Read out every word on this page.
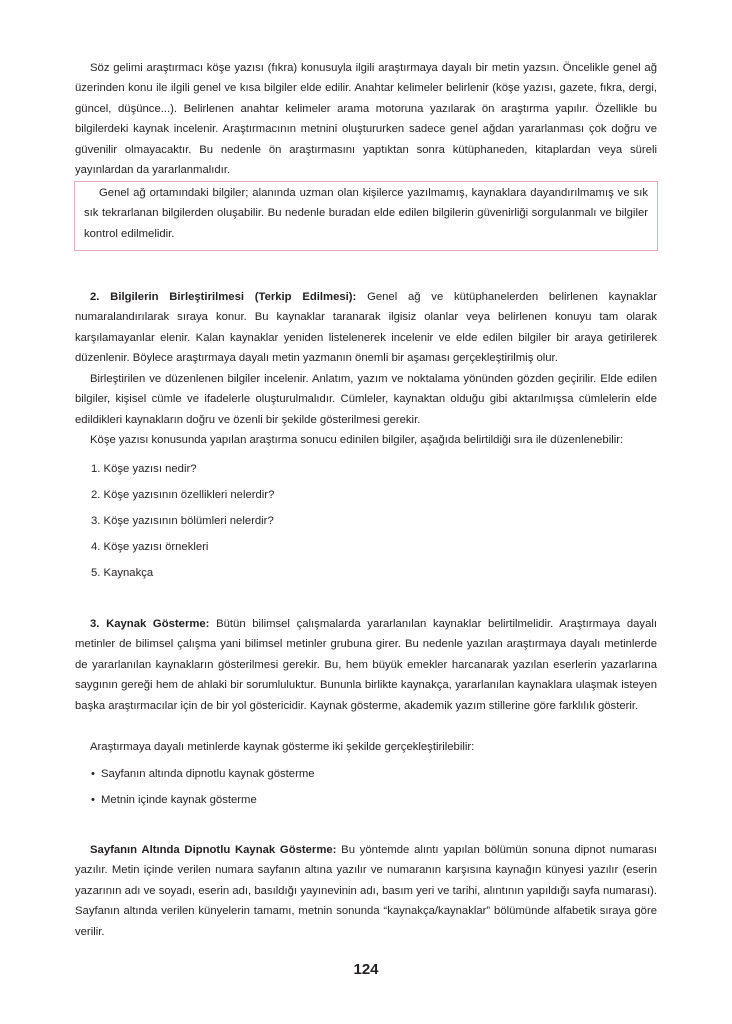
Söz gelimi araştırmacı köşe yazısı (fıkra) konusuyla ilgili araştırmaya dayalı bir metin yazsın. Öncelikle genel ağ üzerinden konu ile ilgili genel ve kısa bilgiler elde edilir. Anahtar kelimeler belirlenir (köşe yazısı, gazete, fıkra, dergi, güncel, düşünce...). Belirlenen anahtar kelimeler arama motoruna yazılarak ön araştırma yapılır. Özellikle bu bilgilerdeki kaynak incelenir. Araştırmacının metnini oluştururken sadece genel ağdan yararlanması çok doğru ve güvenilir olmayacaktır. Bu nedenle ön araştırmasını yaptıktan sonra kütüphaneden, kitaplardan veya süreli yayınlardan da yararlanmalıdır.

Genel ağ ortamındaki bilgiler; alanında uzman olan kişilerce yazılmamış, kaynaklara dayandırılmamış ve sık sık tekrarlanan bilgilerden oluşabilir. Bu nedenle buradan elde edilen bilgilerin güvenirliği sorgulanmalı ve bilgiler kontrol edilmelidir.

2. Bilgilerin Birleştirilmesi (Terkip Edilmesi): Genel ağ ve kütüphanelerden belirlenen kaynaklar numaralandırılarak sıraya konur. Bu kaynaklar taranarak ilgisiz olanlar veya belirlenen konuyu tam olarak karşılamayanlar elenir. Kalan kaynaklar yeniden listelenerek incelenir ve elde edilen bilgiler bir araya getirilerek düzenlenir. Böylece araştırmaya dayalı metin yazmanın önemli bir aşaması gerçekleştirilmiş olur.

Birleştirilen ve düzenlenen bilgiler incelenir. Anlatım, yazım ve noktalama yönünden gözden geçirilir. Elde edilen bilgiler, kişisel cümle ve ifadelerle oluşturulmalıdır. Cümleler, kaynaktan olduğu gibi aktarılmışsa cümlelerin elde edildikleri kaynakların doğru ve özenli bir şekilde gösterilmesi gerekir.

Köşe yazısı konusunda yapılan araştırma sonucu edinilen bilgiler, aşağıda belirtildiği sıra ile düzenlenebilir:

1. Köşe yazısı nedir?
2. Köşe yazısının özellikleri nelerdir?
3. Köşe yazısının bölümleri nelerdir?
4. Köşe yazısı örnekleri
5. Kaynakça

3. Kaynak Gösterme: Bütün bilimsel çalışmalarda yararlanılan kaynaklar belirtilmelidir. Araştırmaya dayalı metinler de bilimsel çalışma yani bilimsel metinler grubuna girer. Bu nedenle yazılan araştırmaya dayalı metinlerde de yararlanılan kaynakların gösterilmesi gerekir. Bu, hem büyük emekler harcanarak yazılan eserlerin yazarlarına saygının gereği hem de ahlaki bir sorumluluktur. Bununla birlikte kaynakça, yararlanılan kaynaklara ulaşmak isteyen başka araştırmacılar için de bir yol göstericidir. Kaynak gösterme, akademik yazım stillerine göre farklılık gösterir.

Araştırmaya dayalı metinlerde kaynak gösterme iki şekilde gerçekleştirilebilir:

• Sayfanın altında dipnotlu kaynak gösterme
• Metnin içinde kaynak gösterme

Sayfanın Altında Dipnotlu Kaynak Gösterme: Bu yöntemde alıntı yapılan bölümün sonuna dipnot numarası yazılır. Metin içinde verilen numara sayfanın altına yazılır ve numaranın karşısına kaynağın künyesi yazılır (eserin yazarının adı ve soyadı, eserin adı, basıldığı yayınevinin adı, basım yeri ve tarihi, alıntının yapıldığı sayfa numarası). Sayfanın altında verilen künyelerin tamamı, metnin sonunda “kaynakça/kaynaklar” bölümünde alfabetik sıraya göre verilir.

124
